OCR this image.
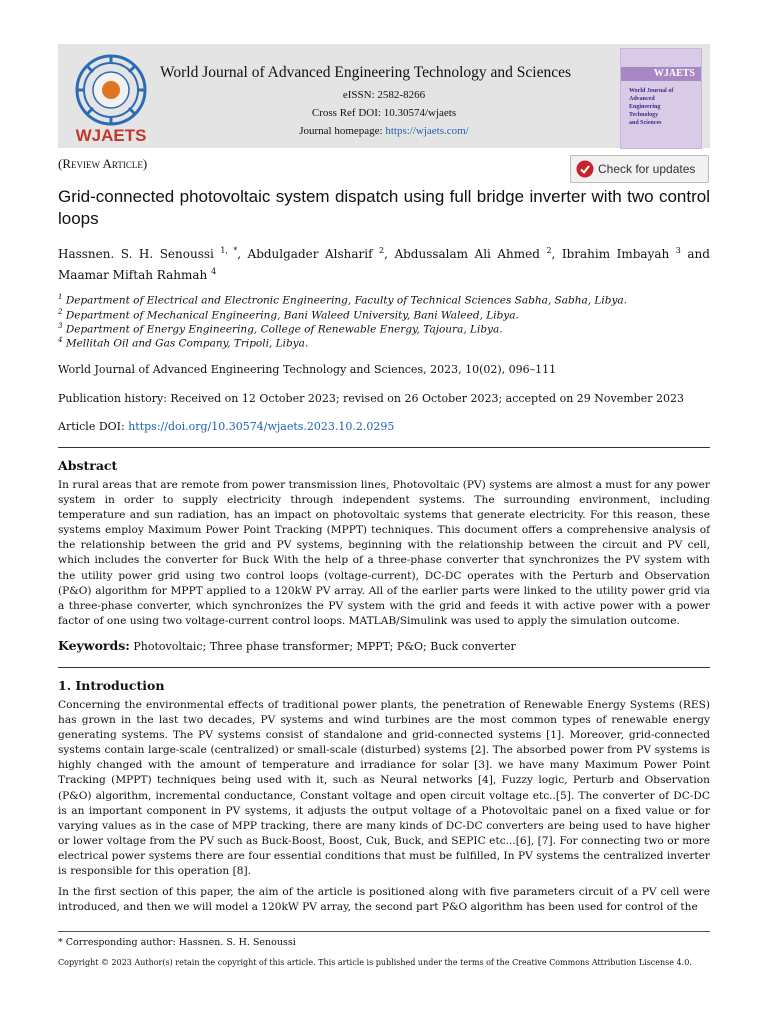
WJAETS
World Journal of Advanced Engineering Technology and Sciences
eISSN: 2582-8266
Cross Ref DOI: 10.30574/wjaets
Journal homepage: https://wjaets.com/
WJAETS
World Journal of
Advanced
Engineering
Technology
and Sciences
(Review Article)	Check for updates
Grid-connected photovoltaic system dispatch using full bridge inverter with two control loops
Hassnen. S. H. Senoussi $^{1, *}$, Abdulgader Alsharif $^2$, Abdussalam Ali Ahmed $^2$, Ibrahim Imbayah $^3$ and Maamar Miftah Rahmah $^4$
$^1$ Department of Electrical and Electronic Engineering, Faculty of Technical Sciences Sabha, Sabha, Libya.
$^2$ Department of Mechanical Engineering, Bani Waleed University, Bani Waleed, Libya.
$^3$ Department of Energy Engineering, College of Renewable Energy, Tajoura, Libya.
$^4$ Mellitah Oil and Gas Company, Tripoli, Libya.
World Journal of Advanced Engineering Technology and Sciences, 2023, 10(02), 096–111
Publication history: Received on 12 October 2023; revised on 26 October 2023; accepted on 29 November 2023
Article DOI: https://doi.org/10.30574/wjaets.2023.10.2.0295
Abstract
In rural areas that are remote from power transmission lines, Photovoltaic (PV) systems are almost a must for any power system in order to supply electricity through independent systems. The surrounding environment, including temperature and sun radiation, has an impact on photovoltaic systems that generate electricity. For this reason, these systems employ Maximum Power Point Tracking (MPPT) techniques. This document offers a comprehensive analysis of the relationship between the grid and PV systems, beginning with the relationship between the circuit and PV cell, which includes the converter for Buck With the help of a three-phase converter that synchronizes the PV system with the utility power grid using two control loops (voltage-current), DC-DC operates with the Perturb and Observation (P&O) algorithm for MPPT applied to a 120kW PV array. All of the earlier parts were linked to the utility power grid via a three-phase converter, which synchronizes the PV system with the grid and feeds it with active power with a power factor of one using two voltage-current control loops. MATLAB/Simulink was used to apply the simulation outcome.
Keywords: Photovoltaic; Three phase transformer; MPPT; P&O; Buck converter
1. Introduction
Concerning the environmental effects of traditional power plants, the penetration of Renewable Energy Systems (RES) has grown in the last two decades, PV systems and wind turbines are the most common types of renewable energy generating systems. The PV systems consist of standalone and grid-connected systems [1]. Moreover, grid-connected systems contain large-scale (centralized) or small-scale (disturbed) systems [2]. The absorbed power from PV systems is highly changed with the amount of temperature and irradiance for solar [3]. we have many Maximum Power Point Tracking (MPPT) techniques being used with it, such as Neural networks [4], Fuzzy logic, Perturb and Observation (P&O) algorithm, incremental conductance, Constant voltage and open circuit voltage etc..[5]. The converter of DC-DC is an important component in PV systems, it adjusts the output voltage of a Photovoltaic panel on a fixed value or for varying values as in the case of MPP tracking, there are many kinds of DC-DC converters are being used to have higher or lower voltage from the PV such as Buck-Boost, Boost, Cuk, Buck, and SEPIC etc...[6], [7]. For connecting two or more electrical power systems there are four essential conditions that must be fulfilled, In PV systems the centralized inverter is responsible for this operation [8].
In the first section of this paper, the aim of the article is positioned along with five parameters circuit of a PV cell were introduced, and then we will model a 120kW PV array, the second part P&O algorithm has been used for control of the
* Corresponding author: Hassnen. S. H. Senoussi
Copyright © 2023 Author(s) retain the copyright of this article. This article is published under the terms of the Creative Commons Attribution Liscense 4.0.
